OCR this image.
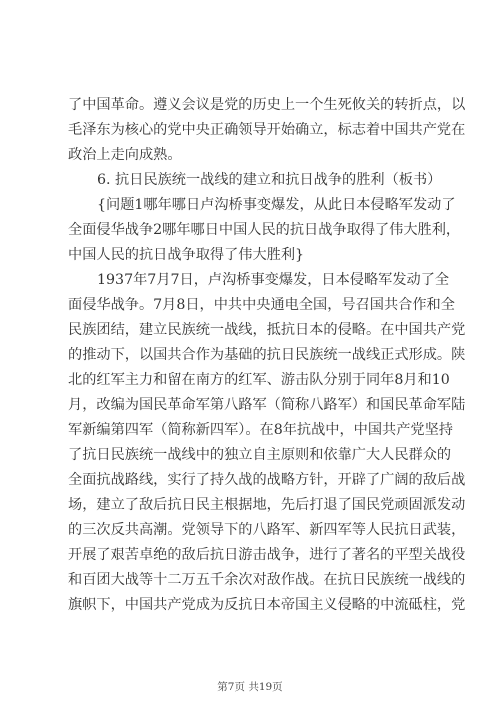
了中国革命。遵义会议是党的历史上一个生死攸关的转折点，以
毛泽东为核心的党中央正确领导开始确立，标志着中国共产党在
政治上走向成熟。
6. 抗日民族统一战线的建立和抗日战争的胜利（板书）
{问题1哪年哪日卢沟桥事变爆发，从此日本侵略军发动了
全面侵华战争2哪年哪日中国人民的抗日战争取得了伟大胜利，
中国人民的抗日战争取得了伟大胜利}
1937年7月7日，卢沟桥事变爆发，日本侵略军发动了全
面侵华战争。7月8日，中共中央通电全国，号召国共合作和全
民族团结，建立民族统一战线，抵抗日本的侵略。在中国共产党
的推动下，以国共合作为基础的抗日民族统一战线正式形成。陕
北的红军主力和留在南方的红军、游击队分别于同年8月和10
月，改编为国民革命军第八路军（简称八路军）和国民革命军陆
军新编第四军（简称新四军）。在8年抗战中，中国共产党坚持
了抗日民族统一战线中的独立自主原则和依靠广大人民群众的
全面抗战路线，实行了持久战的战略方针，开辟了广阔的敌后战
场，建立了敌后抗日民主根据地，先后打退了国民党顽固派发动
的三次反共高潮。党领导下的八路军、新四军等人民抗日武装，
开展了艰苦卓绝的敌后抗日游击战争，进行了著名的平型关战役
和百团大战等十二万五千余次对敌作战。在抗日民族统一战线的
旗帜下，中国共产党成为反抗日本帝国主义侵略的中流砥柱，党
第7页 共19页
